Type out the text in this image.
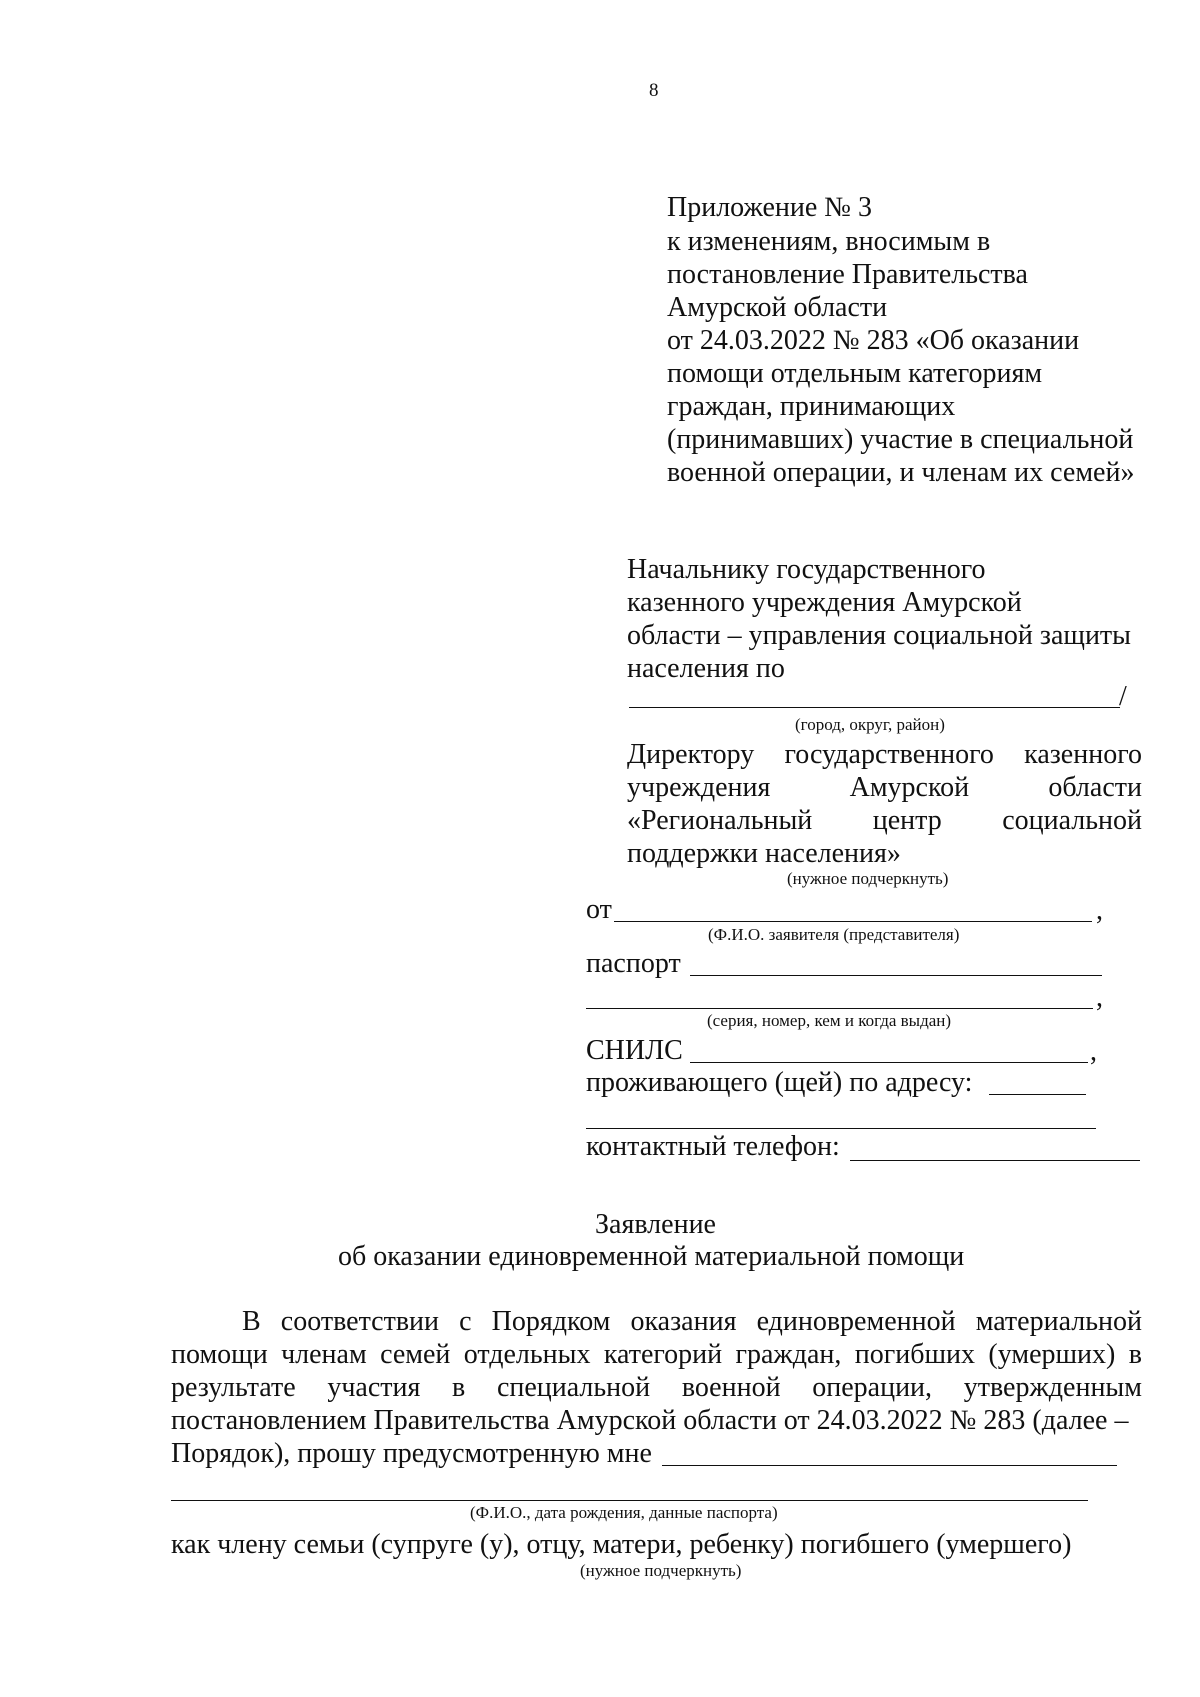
8
Приложение № 3
к изменениям, вносимым в
постановление Правительства
Амурской области
от 24.03.2022 № 283 «Об оказании
помощи отдельным категориям
граждан, принимающих
(принимавших) участие в специальной
военной операции, и членам их семей»
Начальнику государственного
казенного учреждения Амурской
области – управления социальной защиты
населения по
/
(город, округ, район)
Директору государственного казенного
учреждения	Амурской	области
«Региональный центр социальной
поддержки населения»
(нужное подчеркнуть)
от	,
(Ф.И.О. заявителя (представителя)
паспорт
,
(серия, номер, кем и когда выдан)
СНИЛС	,
проживающего (щей) по адресу:
контактный телефон:
Заявление
об оказании единовременной материальной помощи
В соответствии с Порядком оказания единовременной материальной
помощи членам семей отдельных категорий граждан, погибших (умерших) в
результате участия в специальной военной операции, утвержденным
постановлением Правительства Амурской области от 24.03.2022 № 283 (далее –
Порядок), прошу предусмотренную мне
(Ф.И.О., дата рождения, данные паспорта)
как члену семьи (супруге (у), отцу, матери, ребенку) погибшего (умершего)
(нужное подчеркнуть)
